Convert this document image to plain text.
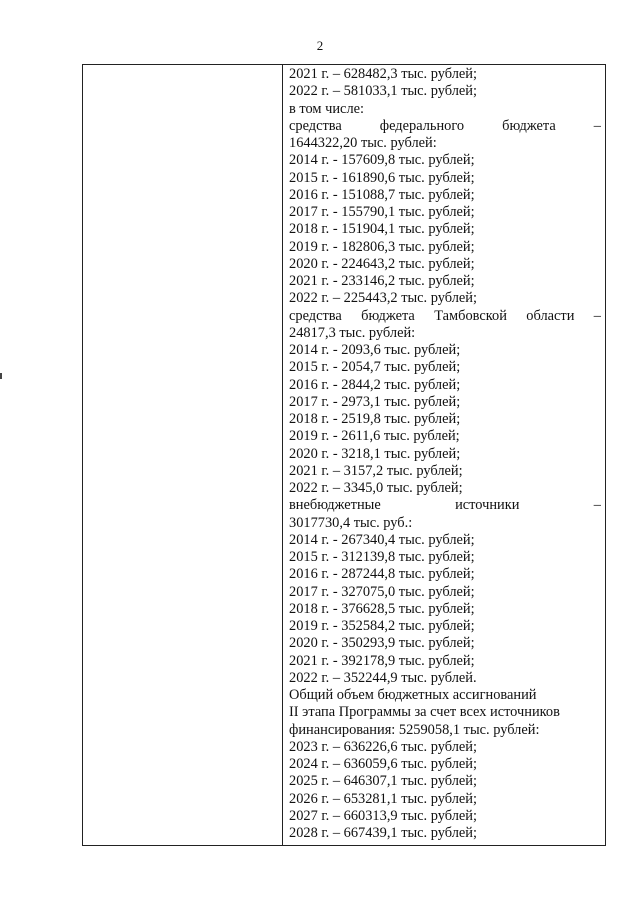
2
2021 г. – 628482,3 тыс. рублей;
2022 г. – 581033,1 тыс. рублей;
в том числе:
средства федерального бюджета –
1644322,20 тыс. рублей:
2014 г. - 157609,8 тыс. рублей;
2015 г. - 161890,6 тыс. рублей;
2016 г. - 151088,7 тыс. рублей;
2017 г. - 155790,1 тыс. рублей;
2018 г. - 151904,1 тыс. рублей;
2019 г. - 182806,3 тыс. рублей;
2020 г. - 224643,2 тыс. рублей;
2021 г. - 233146,2 тыс. рублей;
2022 г. – 225443,2 тыс. рублей;
средства бюджета Тамбовской области –
24817,3 тыс. рублей:
2014 г. - 2093,6 тыс. рублей;
2015 г. - 2054,7 тыс. рублей;
2016 г. - 2844,2 тыс. рублей;
2017 г. - 2973,1 тыс. рублей;
2018 г. - 2519,8 тыс. рублей;
2019 г. - 2611,6 тыс. рублей;
2020 г. - 3218,1 тыс. рублей;
2021 г. – 3157,2 тыс. рублей;
2022 г. – 3345,0 тыс. рублей;
внебюджетные источники –
3017730,4 тыс. руб.:
2014 г. - 267340,4 тыс. рублей;
2015 г. - 312139,8 тыс. рублей;
2016 г. - 287244,8 тыс. рублей;
2017 г. - 327075,0 тыс. рублей;
2018 г. - 376628,5 тыс. рублей;
2019 г. - 352584,2 тыс. рублей;
2020 г. - 350293,9 тыс. рублей;
2021 г. - 392178,9 тыс. рублей;
2022 г. – 352244,9 тыс. рублей.
Общий объем бюджетных ассигнований
II этапа Программы за счет всех источников
финансирования: 5259058,1 тыс. рублей:
2023 г. – 636226,6 тыс. рублей;
2024 г. – 636059,6 тыс. рублей;
2025 г. – 646307,1 тыс. рублей;
2026 г. – 653281,1 тыс. рублей;
2027 г. – 660313,9 тыс. рублей;
2028 г. – 667439,1 тыс. рублей;
